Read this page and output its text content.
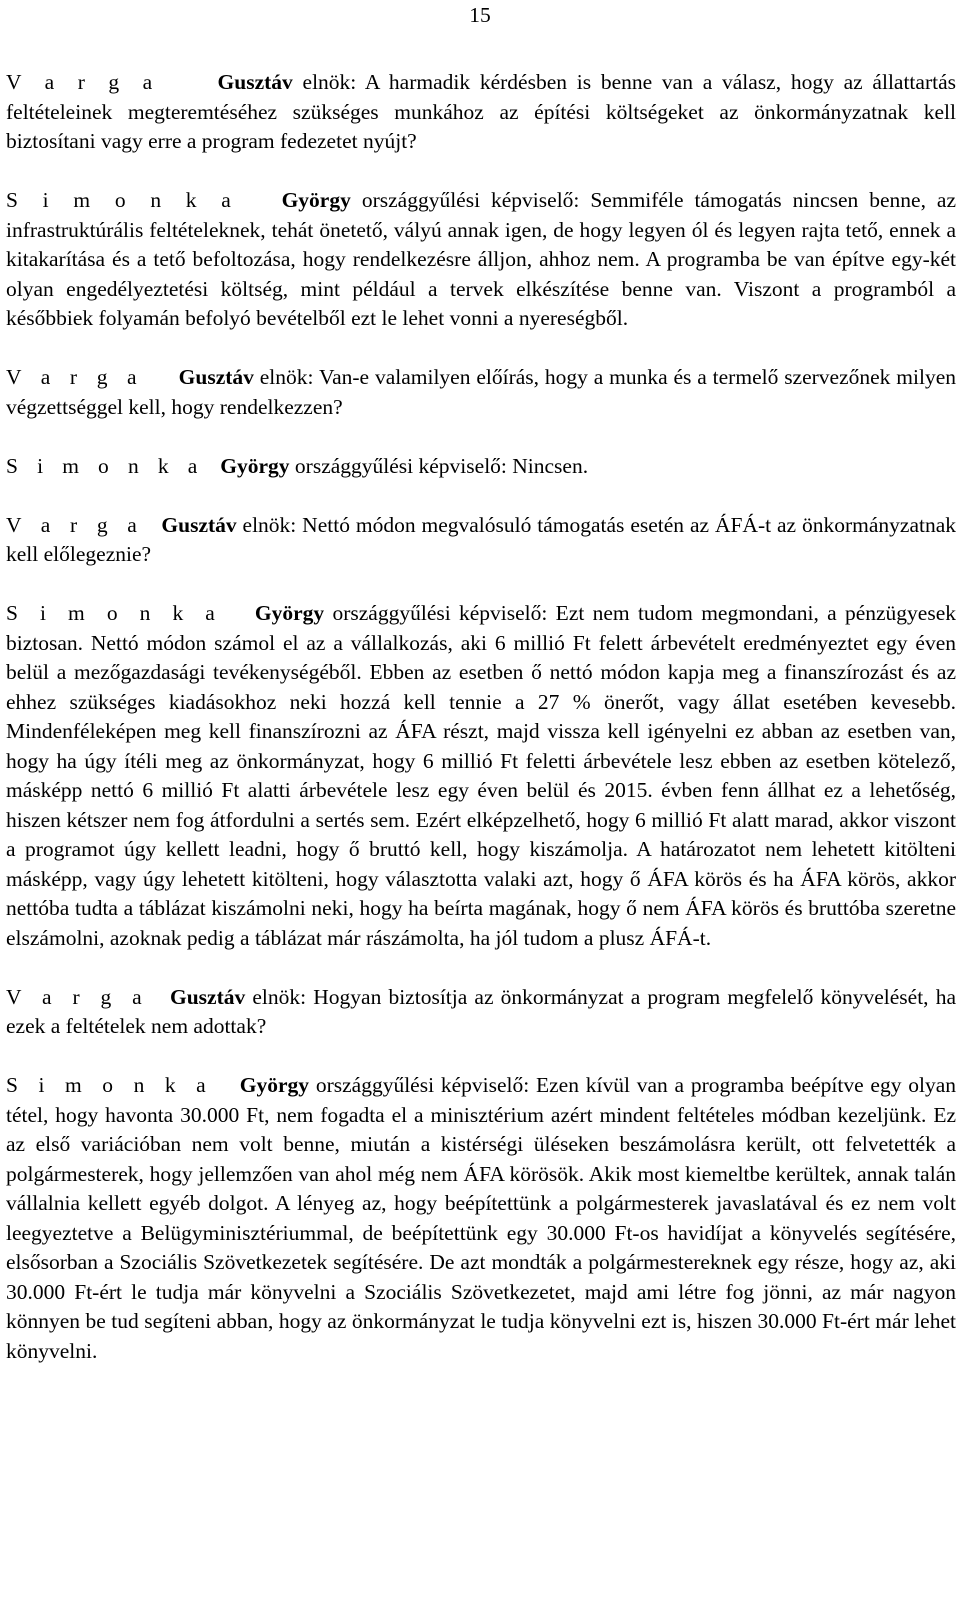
15

V a r g a	Gusztáv elnök: A harmadik kérdésben is benne van a válasz, hogy az állattartás feltételeinek megteremtéséhez szükséges munkához az építési költségeket az önkormányzatnak kell biztosítani vagy erre a program fedezetet nyújt?

S i m o n k a György országgyűlési képviselő: Semmiféle támogatás nincsen benne, az infrastruktúrális feltételeknek, tehát önetető, vályú annak igen, de hogy legyen ól és legyen rajta tető, ennek a kitakarítása és a tető befoltozása, hogy rendelkezésre álljon, ahhoz nem. A programba be van építve egy-két olyan engedélyeztetési költség, mint például a tervek elkészítése benne van. Viszont a programból a későbbiek folyamán befolyó bevételből ezt le lehet vonni a nyereségből.

V a r g a Gusztáv elnök: Van-e valamilyen előírás, hogy a munka és a termelő szervezőnek milyen végzettséggel kell, hogy rendelkezzen?

S i m o n k a György országgyűlési képviselő: Nincsen.

V a r g a Gusztáv elnök: Nettó módon megvalósuló támogatás esetén az ÁFÁ-t az önkormányzatnak kell előlegeznie?

S i m o n k a György országgyűlési képviselő: Ezt nem tudom megmondani, a pénzügyesek biztosan. Nettó módon számol el az a vállalkozás, aki 6 millió Ft felett árbevételt eredményeztet egy éven belül a mezőgazdasági tevékenységéből. Ebben az esetben ő nettó módon kapja meg a finanszírozást és az ehhez szükséges kiadásokhoz neki hozzá kell tennie a 27 % önerőt, vagy állat esetében kevesebb. Mindenféleképen meg kell finanszírozni az ÁFA részt, majd vissza kell igényelni ez abban az esetben van, hogy ha úgy ítéli meg az önkormányzat, hogy 6 millió Ft feletti árbevétele lesz ebben az esetben kötelező, másképp nettó 6 millió Ft alatti árbevétele lesz egy éven belül és 2015. évben fenn állhat ez a lehetőség, hiszen kétszer nem fog átfordulni a sertés sem. Ezért elképzelhető, hogy 6 millió Ft alatt marad, akkor viszont a programot úgy kellett leadni, hogy ő bruttó kell, hogy kiszámolja. A határozatot nem lehetett kitölteni másképp, vagy úgy lehetett kitölteni, hogy választotta valaki azt, hogy ő ÁFA körös és ha ÁFA körös, akkor nettóba tudta a táblázat kiszámolni neki, hogy ha beírta magának, hogy ő nem ÁFA körös és bruttóba szeretne elszámolni, azoknak pedig a táblázat már rászámolta, ha jól tudom a plusz ÁFÁ-t.

V a r g a Gusztáv elnök: Hogyan biztosítja az önkormányzat a program megfelelő könyvelését, ha ezek a feltételek nem adottak?

S i m o n k a György országgyűlési képviselő: Ezen kívül van a programba beépítve egy olyan tétel, hogy havonta 30.000 Ft, nem fogadta el a minisztérium azért mindent feltételes módban kezeljünk. Ez az első variációban nem volt benne, miután a kistérségi üléseken beszámolásra került, ott felvetették a polgármesterek, hogy jellemzően van ahol még nem ÁFA körösök. Akik most kiemeltbe kerültek, annak talán vállalnia kellett egyéb dolgot. A lényeg az, hogy beépítettünk a polgármesterek javaslatával és ez nem volt leegyeztetve a Belügyminisztériummal, de beépítettünk egy 30.000 Ft-os havidíjat a könyvelés segítésére, elsősorban a Szociális Szövetkezetek segítésére. De azt mondták a polgármestereknek egy része, hogy az, aki 30.000 Ft-ért le tudja már könyvelni a Szociális Szövetkezetet, majd ami létre fog jönni, az már nagyon könnyen be tud segíteni abban, hogy az önkormányzat le tudja könyvelni ezt is, hiszen 30.000 Ft-ért már lehet könyvelni.
